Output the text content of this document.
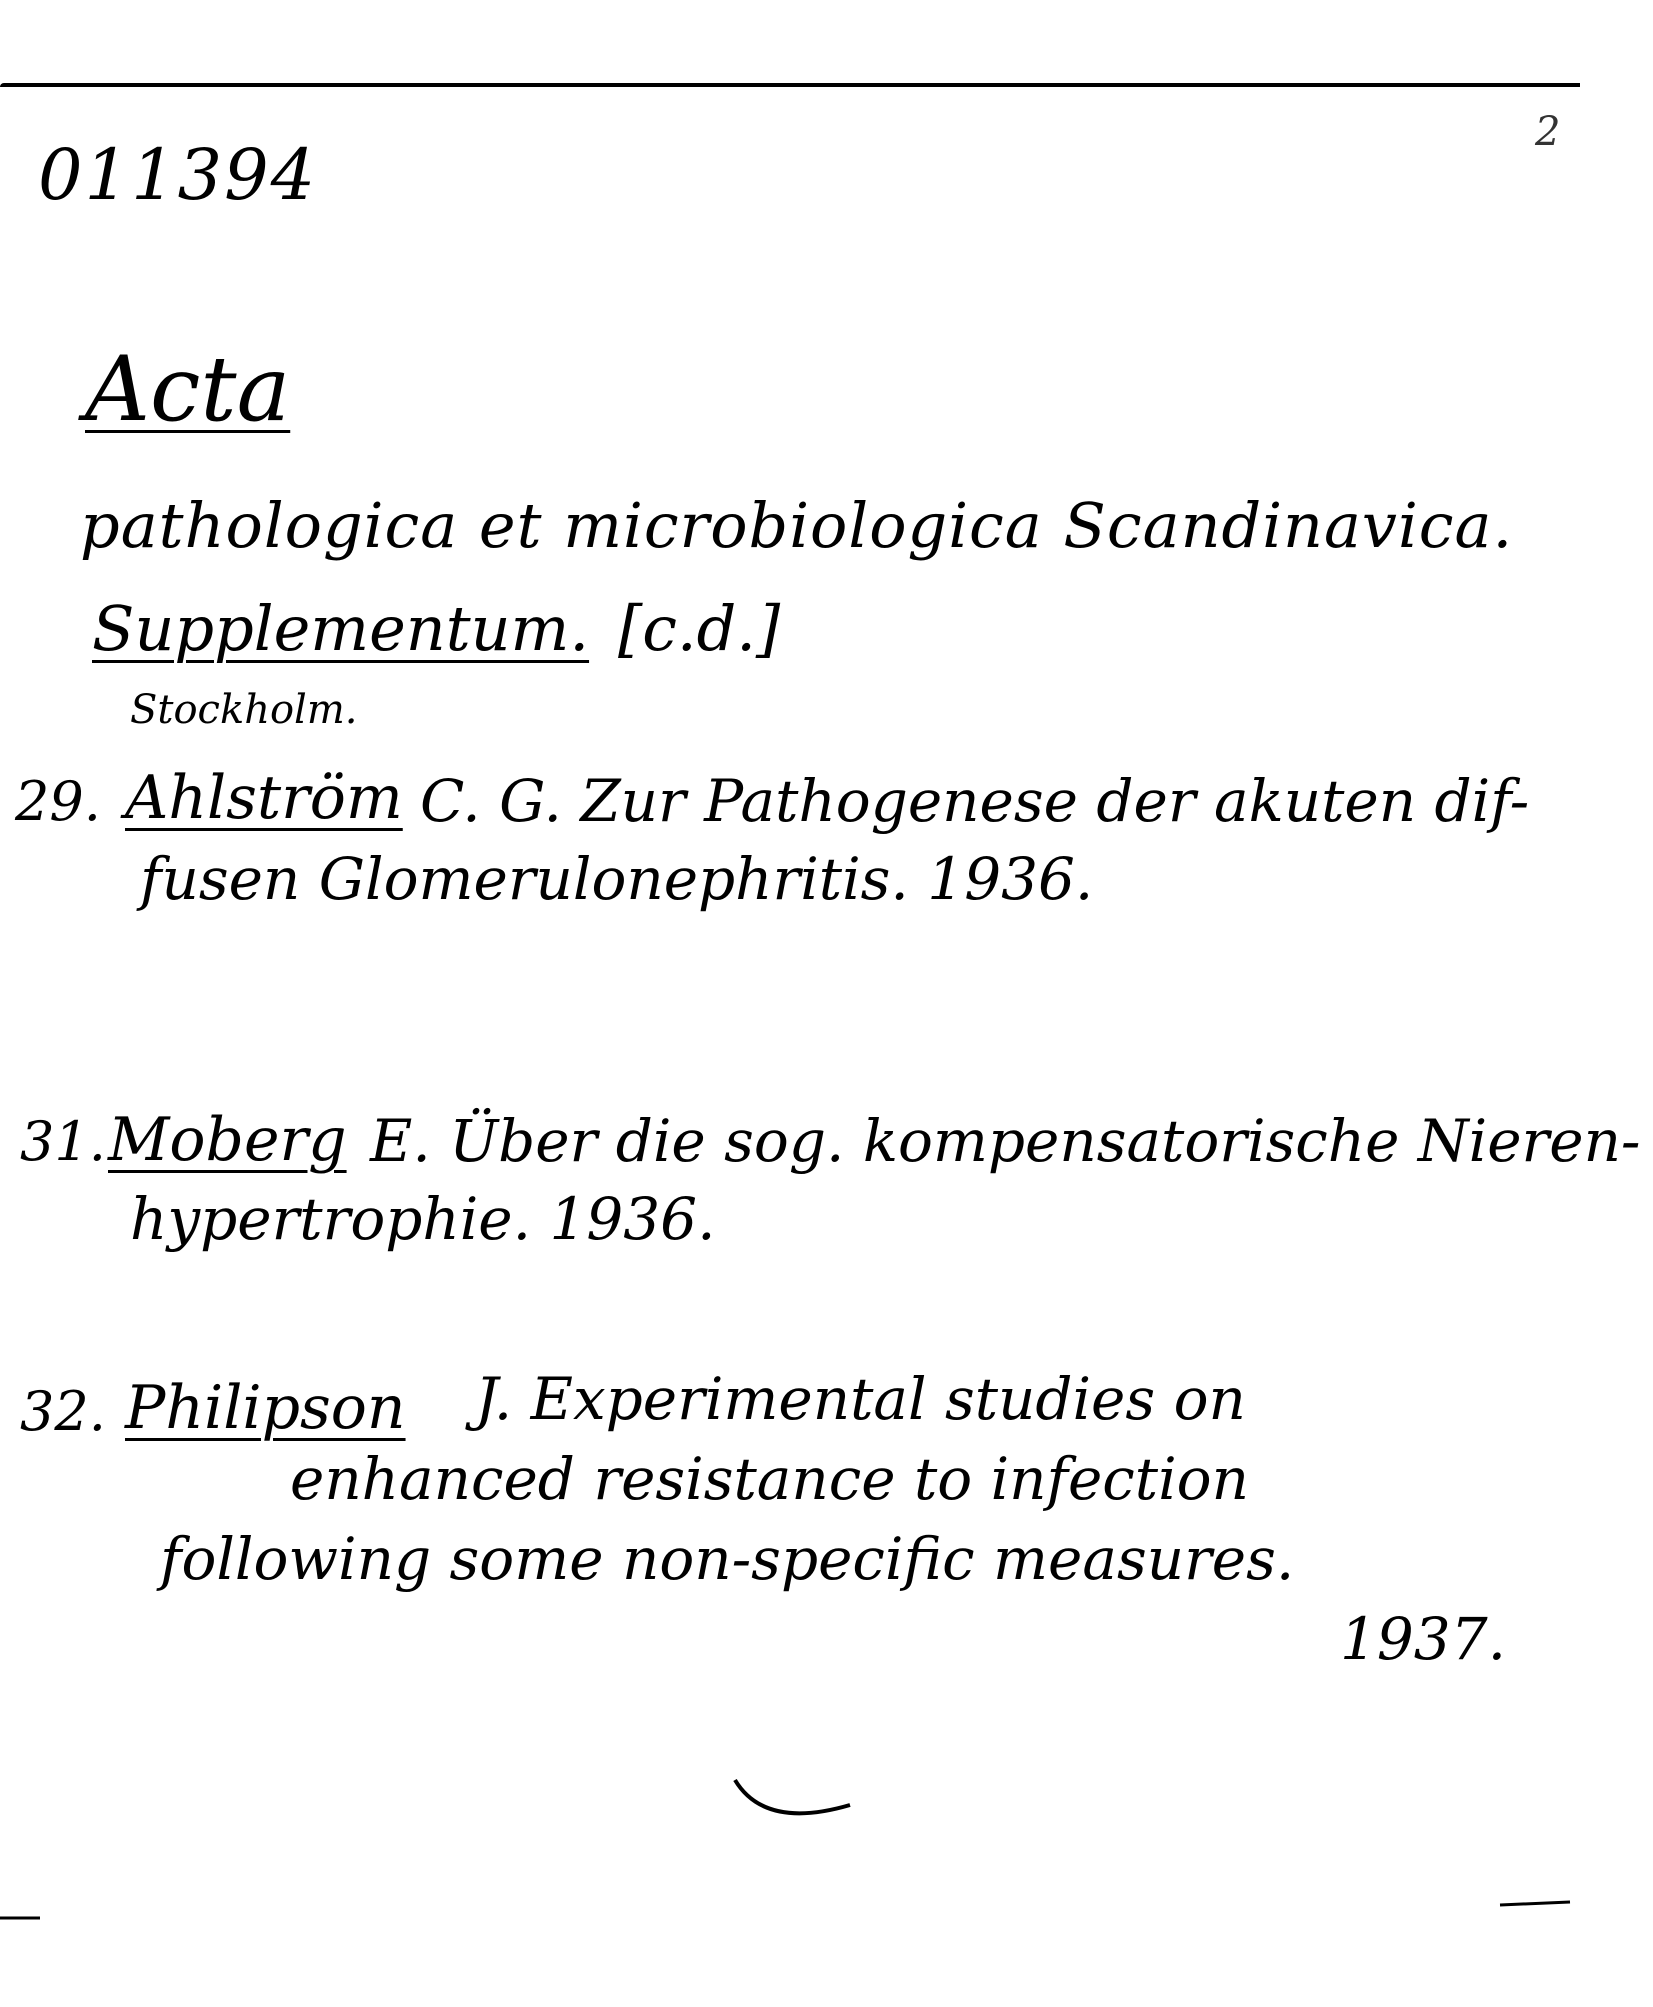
011394
2
Acta
pathologica et microbiologica Scandinavica.
Supplementum. [c.d.]
Stockholm.
29. Ahlström C. G. Zur Pathogenese der akuten dif-
fusen Glomerulonephritis. 1936.
31. Moberg E. Über die sog. kompensatorische Nieren-
hypertrophie. 1936.
32. Philipson J. Experimental studies on
enhanced resistance to infection
following some non-specific measures.
1937.
